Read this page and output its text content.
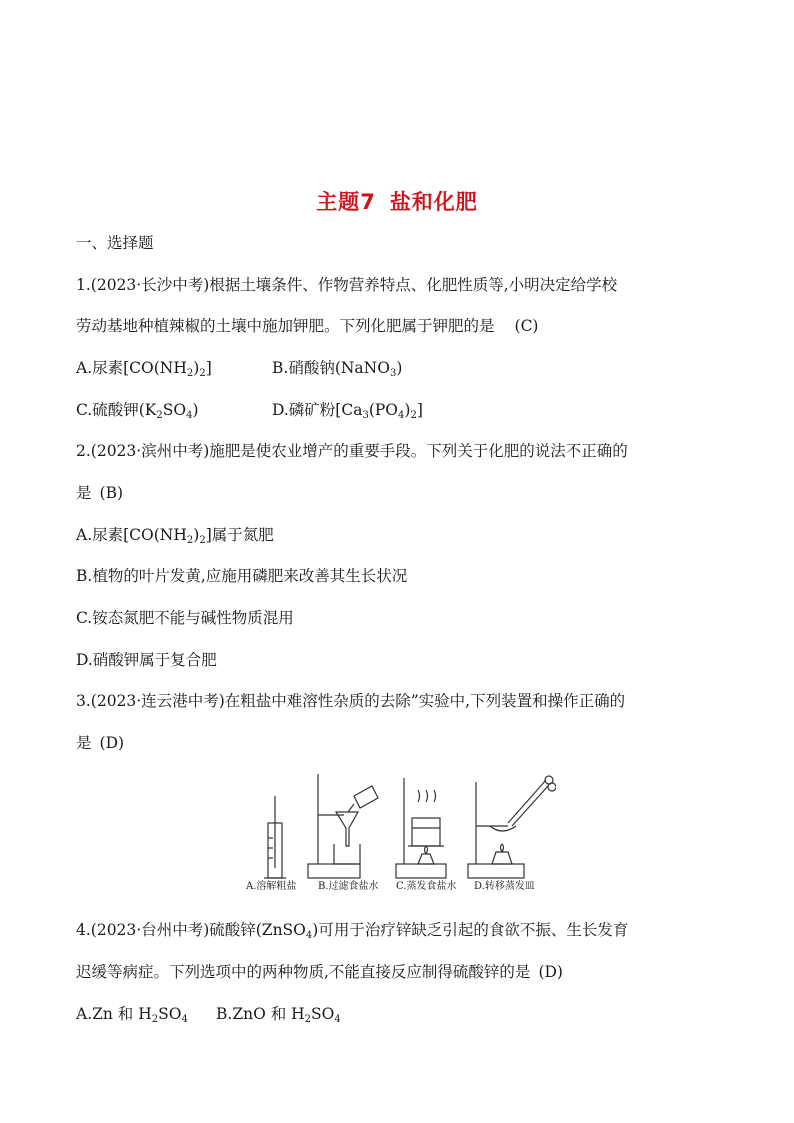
主题7 盐和化肥
一、选择题
1.(2023·长沙中考)根据土壤条件、作物营养特点、化肥性质等,小明决定给学校
劳动基地种植辣椒的土壤中施加钾肥。下列化肥属于钾肥的是 (C)
A.尿素$[CO(NH_2)_2]$	B.硝酸钠(NaNO$_3$)
C.硫酸钾$(K_2SO_4)$	D.磷矿粉$[Ca_3(PO_4)_2]$
2.(2023·滨州中考)施肥是使农业增产的重要手段。下列关于化肥的说法不正确的
是 (B)
A.尿素$[CO(NH_2)_2]$属于氮肥
B.植物的叶片发黄,应施用磷肥来改善其生长状况
C.铵态氮肥不能与碱性物质混用
D.硝酸钾属于复合肥
3.(2023·连云港中考)在粗盐中难溶性杂质的去除”实验中,下列装置和操作正确的
是 (D)
A.溶解粗盐 B.过滤食盐水 C.蒸发食盐水 D.转移蒸发皿
4.(2023·台州中考)硫酸锌(ZnSO$_4$)可用于治疗锌缺乏引起的食欲不振、生长发育
迟缓等病症。下列选项中的两种物质,不能直接反应制得硫酸锌的是 (D)
A.Zn 和 $H_2SO_4$ B.ZnO 和 $H_2SO_4$
